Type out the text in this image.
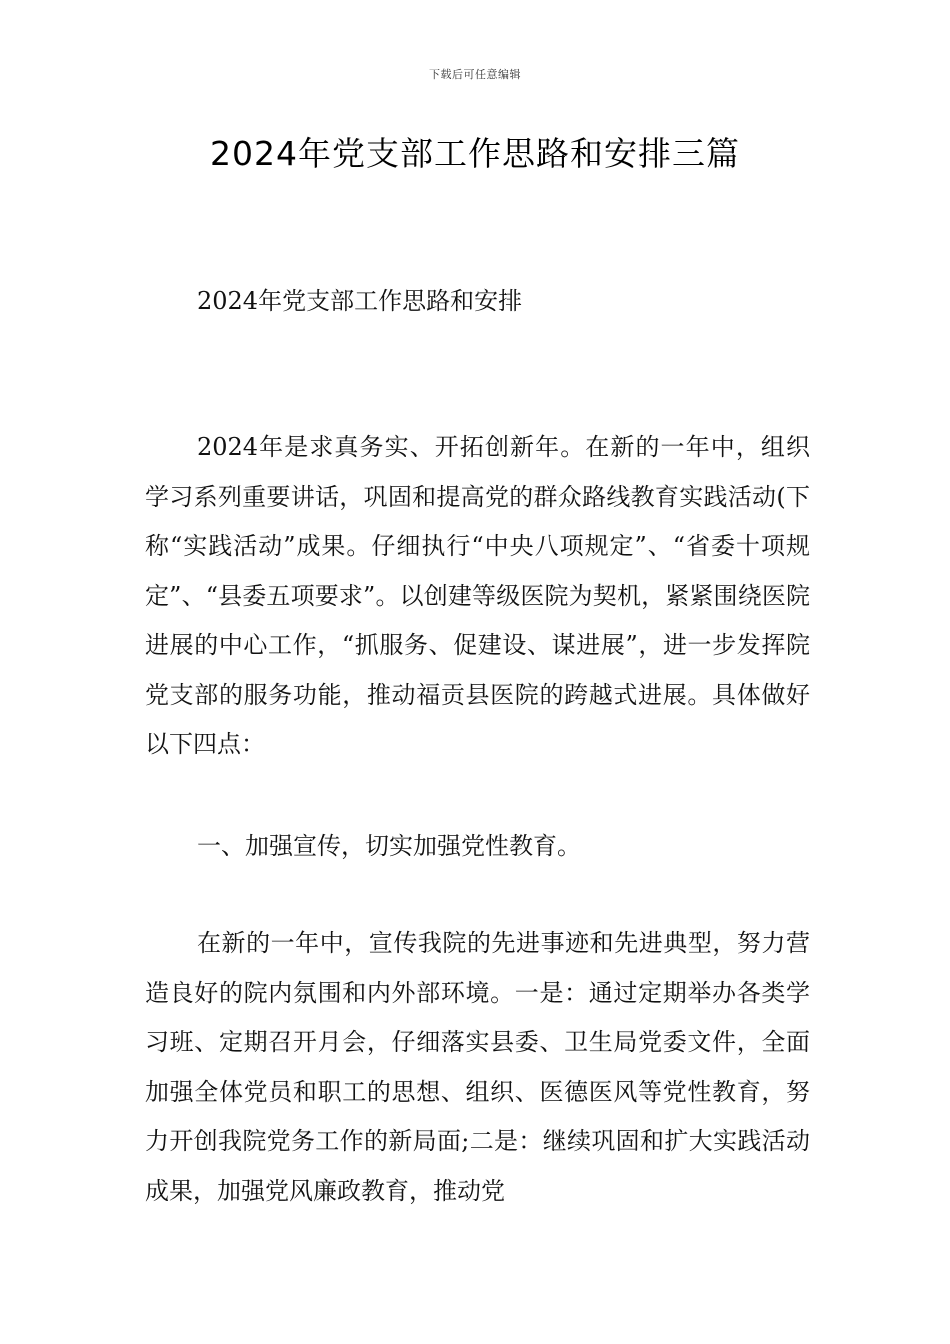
下载后可任意编辑
2024年党支部工作思路和安排三篇

2024年党支部工作思路和安排

2024年是求真务实、开拓创新年。在新的一年中，组织学习系列重要讲话，巩固和提高党的群众路线教育实践活动(下称“实践活动”成果。仔细执行“中央八项规定”、“省委十项规定”、“县委五项要求”。以创建等级医院为契机，紧紧围绕医院进展的中心工作，“抓服务、促建设、谋进展”，进一步发挥院党支部的服务功能，推动福贡县医院的跨越式进展。具体做好以下四点：

一、加强宣传，切实加强党性教育。

在新的一年中，宣传我院的先进事迹和先进典型，努力营造良好的院内氛围和内外部环境。一是：通过定期举办各类学习班、定期召开月会，仔细落实县委、卫生局党委文件，全面加强全体党员和职工的思想、组织、医德医风等党性教育，努力开创我院党务工作的新局面;二是：继续巩固和扩大实践活动成果，加强党风廉政教育，推动党
